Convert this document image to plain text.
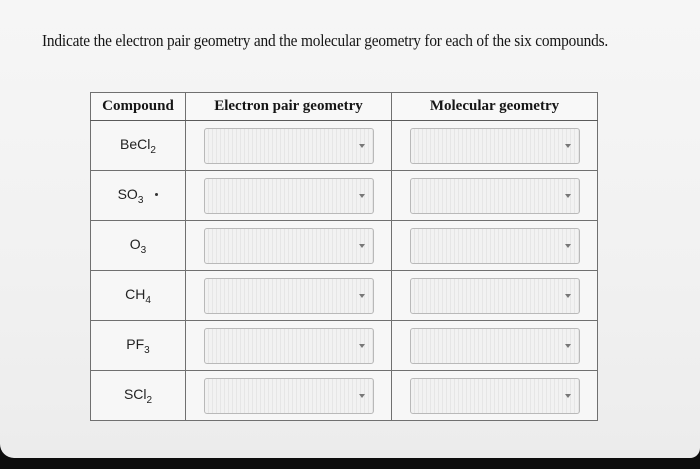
Indicate the electron pair geometry and the molecular geometry for each of the six compounds.
Compound	Electron pair geometry	Molecular geometry
BeCl$_2$	

$SO_3$	

$O_3$	

$CH_4$	

$PF_3$	

SCl$_2$	
